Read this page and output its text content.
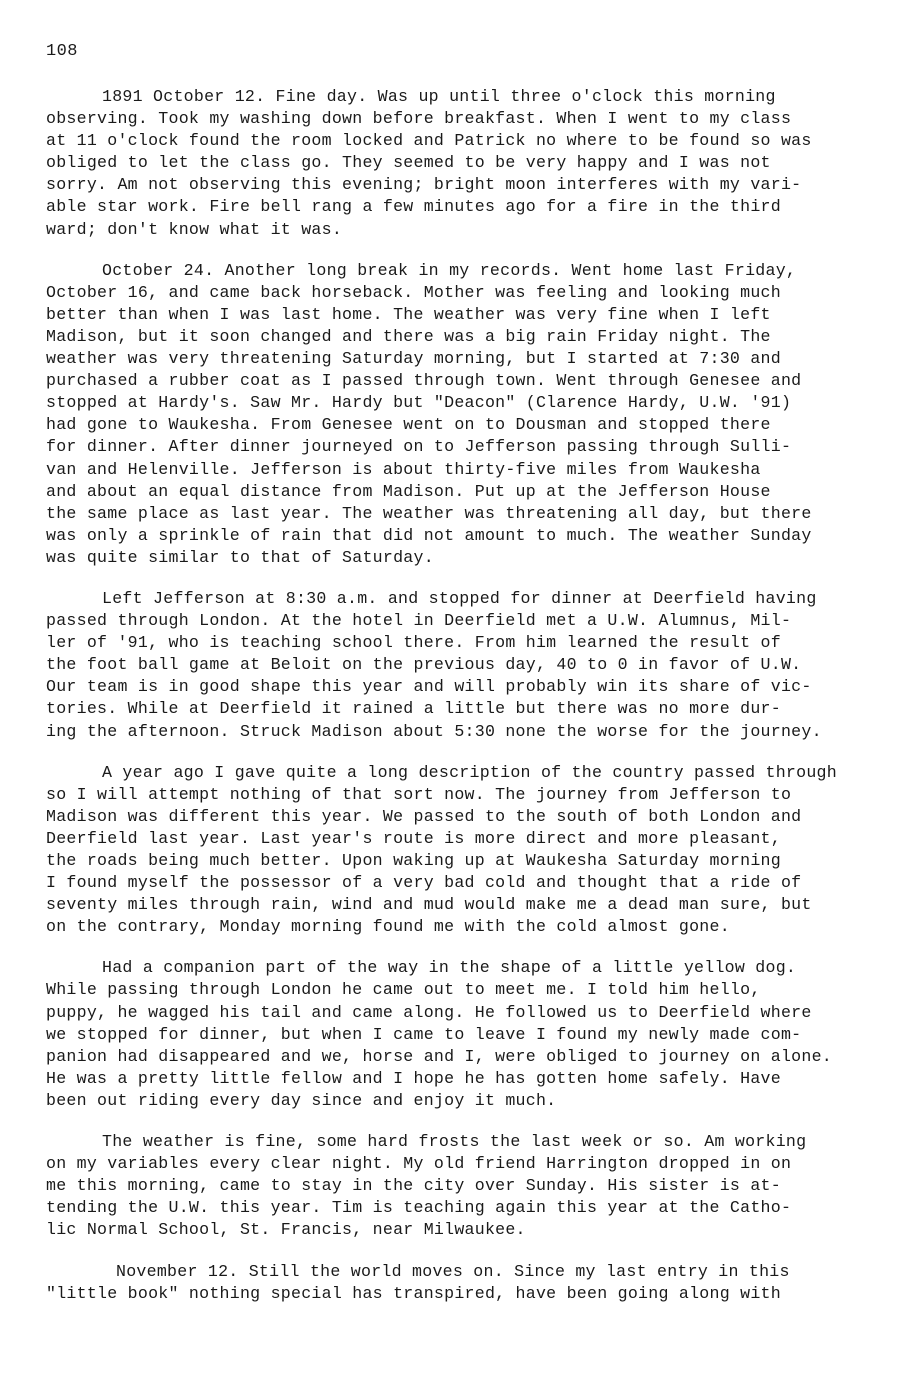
108
1891 October 12. Fine day. Was up until three o'clock this morning
observing. Took my washing down before breakfast. When I went to my class
at 11 o'clock found the room locked and Patrick no where to be found so was
obliged to let the class go. They seemed to be very happy and I was not
sorry. Am not observing this evening; bright moon interferes with my vari-
able star work. Fire bell rang a few minutes ago for a fire in the third
ward; don't know what it was.
October 24. Another long break in my records. Went home last Friday,
October 16, and came back horseback. Mother was feeling and looking much
better than when I was last home. The weather was very fine when I left
Madison, but it soon changed and there was a big rain Friday night. The
weather was very threatening Saturday morning, but I started at 7:30 and
purchased a rubber coat as I passed through town. Went through Genesee and
stopped at Hardy's. Saw Mr. Hardy but "Deacon" (Clarence Hardy, U.W. '91)
had gone to Waukesha. From Genesee went on to Dousman and stopped there
for dinner. After dinner journeyed on to Jefferson passing through Sulli-
van and Helenville. Jefferson is about thirty-five miles from Waukesha
and about an equal distance from Madison. Put up at the Jefferson House
the same place as last year. The weather was threatening all day, but there
was only a sprinkle of rain that did not amount to much. The weather Sunday
was quite similar to that of Saturday.
Left Jefferson at 8:30 a.m. and stopped for dinner at Deerfield having
passed through London. At the hotel in Deerfield met a U.W. Alumnus, Mil-
ler of '91, who is teaching school there. From him learned the result of
the foot ball game at Beloit on the previous day, 40 to 0 in favor of U.W.
Our team is in good shape this year and will probably win its share of vic-
tories. While at Deerfield it rained a little but there was no more dur-
ing the afternoon. Struck Madison about 5:30 none the worse for the journey.
A year ago I gave quite a long description of the country passed through
so I will attempt nothing of that sort now. The journey from Jefferson to
Madison was different this year. We passed to the south of both London and
Deerfield last year. Last year's route is more direct and more pleasant,
the roads being much better. Upon waking up at Waukesha Saturday morning
I found myself the possessor of a very bad cold and thought that a ride of
seventy miles through rain, wind and mud would make me a dead man sure, but
on the contrary, Monday morning found me with the cold almost gone.
Had a companion part of the way in the shape of a little yellow dog.
While passing through London he came out to meet me. I told him hello,
puppy, he wagged his tail and came along. He followed us to Deerfield where
we stopped for dinner, but when I came to leave I found my newly made com-
panion had disappeared and we, horse and I, were obliged to journey on alone.
He was a pretty little fellow and I hope he has gotten home safely. Have
been out riding every day since and enjoy it much.
The weather is fine, some hard frosts the last week or so. Am working
on my variables every clear night. My old friend Harrington dropped in on
me this morning, came to stay in the city over Sunday. His sister is at-
tending the U.W. this year. Tim is teaching again this year at the Catho-
lic Normal School, St. Francis, near Milwaukee.
November 12. Still the world moves on. Since my last entry in this
"little book" nothing special has transpired, have been going along with
